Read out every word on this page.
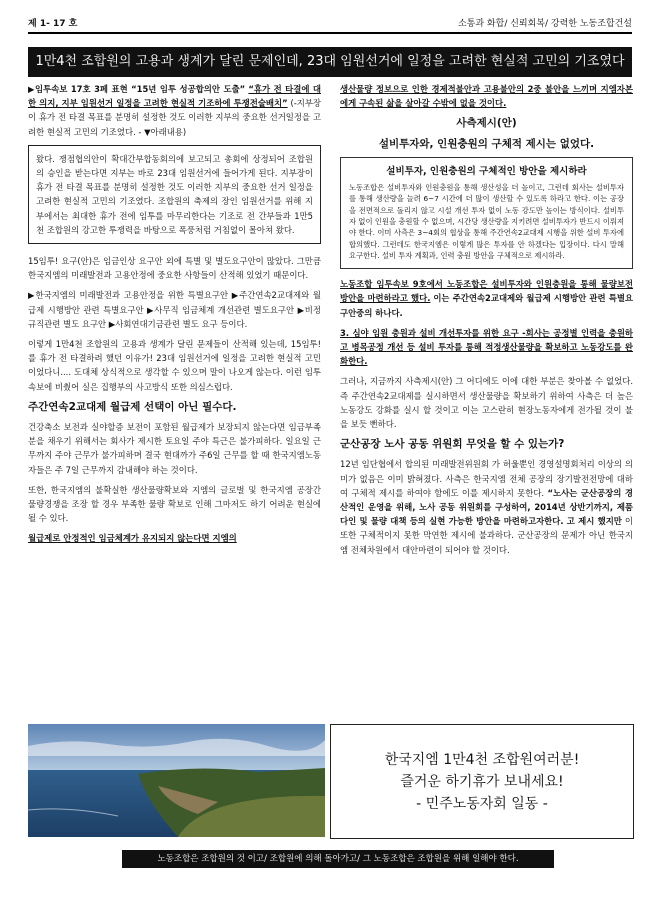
제 1- 17 호	소통과 화합/ 신뢰회복/ 강력한 노동조합건설
1만4천 조합원의 고용과 생계가 달린 문제인데, 23대 임원선거에 일정을 고려한 현실적 고민의 기조였다니...

▶임투속보 17호 3페 표현 “15년 임투 성공합의안 도출” “휴가 전 타결에 대한 의지, 지부 임원선거 일정을 고려한 현실적 기조하에 투쟁전술배치” (-지부장이 휴가 전 타결 목표를 분명히 설정한 것도 이러한 지부의 중요한 선거일정을 고려한 현실적 고민의 기조였다. - ▼아래내용)

왔다. 쟁점협의안이 확대간부합동회의에 보고되고 총회에 상정되어 조합원의 승인을 받는다면 지부는 바로 23대 임원선거에 들어가게 된다. 지부장이 휴가 전 타결 목표를 분명히 설정한 것도 이러한 지부의 중요한 선거 일정을 고려한 현실적 고민의 기조였다. 조합원의 축제의 장인 임원선거를 위해 지부에서는 최대한 휴가 전에 임투를 마무리한다는 기조로 전 간부들과 1만5천 조합원의 강고한 투쟁력을 바탕으로 폭풍처럼 거침없이 몰아쳐 왔다.

15임투! 요구(안)은 임금인상 요구안 외에 특별 및 별도요구안이 많았다. 그만큼 한국지엠의 미래발전과 고용안정에 중요한 사항들이 산적해 있었기 때문이다.

▶한국지엠의 미래발전과 고용안정을 위한 특별요구안 ▶주간연속2교대제와 월급제 시행방안 관련 특별요구안 ▶사무직 임금체계 개선관련 별도요구안 ▶비정규직관련 별도 요구안 ▶사회연대기금관련 별도 요구 등이다.

이렇게 1만4천 조합원의 고용과 생계가 달린 문제들이 산적해 있는데, 15임투!를 휴가 전 타결하려 했던 이유가! 23대 임원선거에 일정을 고려한 현실적 고민이었다니.... 도대체 상식적으로 생각할 수 있으며 말이 나오게 않는다. 이런 임투속보에 비췄어 실은 집행부의 사고방식 또한 의심스럽다.

주간연속2교대제 월급제 선택이 아닌 필수다.

건강축소 보전과 실야할증 보전이 포함된 월급제가 보장되지 않는다면 임금부족분을 채우기 위해서는 회사가 제시한 토요일 주야 특근은 불가피하다. 일요일 근무까지 주야 근무가 불가피하며 결국 현대까가 주6일 근무를 할 때 한국지엠노동자들은 주 7일 근무까지 감내해야 하는 것이다.

또한, 한국지엠의 불확실한 생산물량확보와 지엠의 글로벌 및 한국지엠 공장간 물량경쟁을 조장 할 경우 부족한 물량 확보로 인해 그마저도 하기 어려운 현실에 될 수 있다.

월급제로 안정적인 임금체계가 유지되지 않는다면 지엠의

생산물량 정보으로 인한 경제적불안과 고용불안의 2중 불안을 느끼며 지엠자본에게 구속된 삶을 살아갈 수밖에 없을 것이다.

사측제시(안)
설비투자와, 인원충원의 구체적 제시는 없었다.
설비투자, 인원충원의 구체적인 방안을 제시하라

노동조합은 설비투자와 인원충원을 통해 생산성을 더 높이고, 그런데 회사는 설비투자를 통해 생산량을 늘려 6~7 시간에 더 많이 생산할 수 있도록 하라고 한다. 이는 공장을 전면적으로 돌리지 않고 시설 개선 투자 없이 노동 강도만 높이는 방식이다. 설비투자 없이 인원을 충원할 수 없으며, 시간당 생산량을 지키려면 설비투자가 반드시 이뤄져야 한다. 이미 사측은 3~4회의 협상을 통해 주간연속2교대제 시행을 위한 설비 투자에 합의했다. 그런데도 한국지엠은 이렇게 많은 투자를 안 하겠다는 입장이다. 다시 말해 요구한다. 설비 투자 계획과, 인력 충원 방안을 구체적으로 제시하라.

노동조합 임투속보 9호에서 노동조합은 설비투자와 인원충원을 통해 물량보전방안을 마련하라고 했다. 이는 주간연속2교대제와 월급제 시행방안 관련 특별요구안중의 하나다.

3. 심야 임원 충원과 설비 개선투자를 위한 요구 -회사는 공정별 인력을 충원하고 병목공정 개선 등 설비 투자를 통해 적정생산물량을 확보하고 노동강도를 완화한다.

그러나, 지금까지 사측제시(안) 그 어디에도 이에 대한 부분은 찾아볼 수 없었다. 즉 주간연속2교대제를 실시하면서 생산물량을 확보하기 위하여 사측은 더 높은 노동강도 강화를 실시 할 것이고 이는 고스란히 현장노동자에게 전가될 것이 불을 보듯 뻔하다.

군산공장 노사 공동 위원회 무엇을 할 수 있는가?

12년 임단협에서 합의된 미래발전위원회 가 허울뿐인 경영설명회처리 이상의 의미가 없음은 이미 밝혀졌다. 사측은 한국지엠 전체 공장의 장기발전전망에 대하여 구체적 제시를 하여야 함에도 이를 제시하지 못한다. “노사는 군산공장의 경산적인 운영을 위해, 노사 공동 위원회를 구성하여, 2014년 상반기까지, 제품 다인 및 물량 대책 등의 실현 가능한 방안을 마련하고자한다. 고 제시 했지만 이 또한 구체적이지 못한 막연한 제시에 불과하다. 군산공장의 문제가 아닌 한국지엠 전체차원에서 대안마련이 되어야 할 것이다.

한국지엠 1만4천 조합원여러분!
즐거운 하기휴가 보내세요!
- 민주노동자회 일동 -
노동조합은 조합원의 것 이고/ 조합원에 의해 돌아가고/ 그 노동조합은 조합원을 위해 일해야 한다.
